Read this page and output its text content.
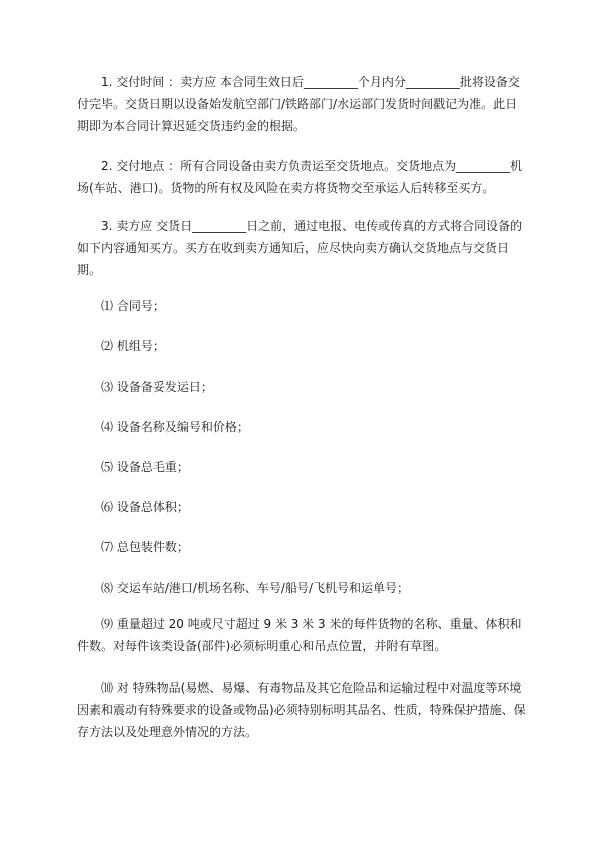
1. 交付时间 ：卖方应 本合同生效日后_________个月内分_________批将设备交付完毕。交货日期以设备始发航空部门/铁路部门/水运部门发货时间戳记为准。此日期即为本合同计算迟延交货违约金的根据。

2. 交付地点 ：所有合同设备由卖方负责运至交货地点。交货地点为_________机场(车站、港口)。货物的所有权及风险在卖方将货物交至承运人后转移至买方。

3. 卖方应 交货日_________日之前，通过电报、电传或传真的方式将合同设备的如下内容通知买方。买方在收到卖方通知后，应尽快向卖方确认交货地点与交货日期。

⑴ 合同号；

⑵ 机组号；

⑶ 设备备妥发运日；

⑷ 设备名称及编号和价格；

⑸ 设备总毛重；

⑹ 设备总体积；

⑺ 总包装件数；

⑻ 交运车站/港口/机场名称、车号/船号/飞机号和运单号；

⑼ 重量超过 20 吨或尺寸超过 9 米 3 米 3 米的每件货物的名称、重量、体积和件数。对每件该类设备(部件)必须标明重心和吊点位置，并附有草图。

⑽ 对 特殊物品(易燃、易爆、有毒物品及其它危险品和运输过程中对温度等环境因素和震动有特殊要求的设备或物品)必须特别标明其品名、性质，特殊保护措施、保存方法以及处理意外情况的方法。
